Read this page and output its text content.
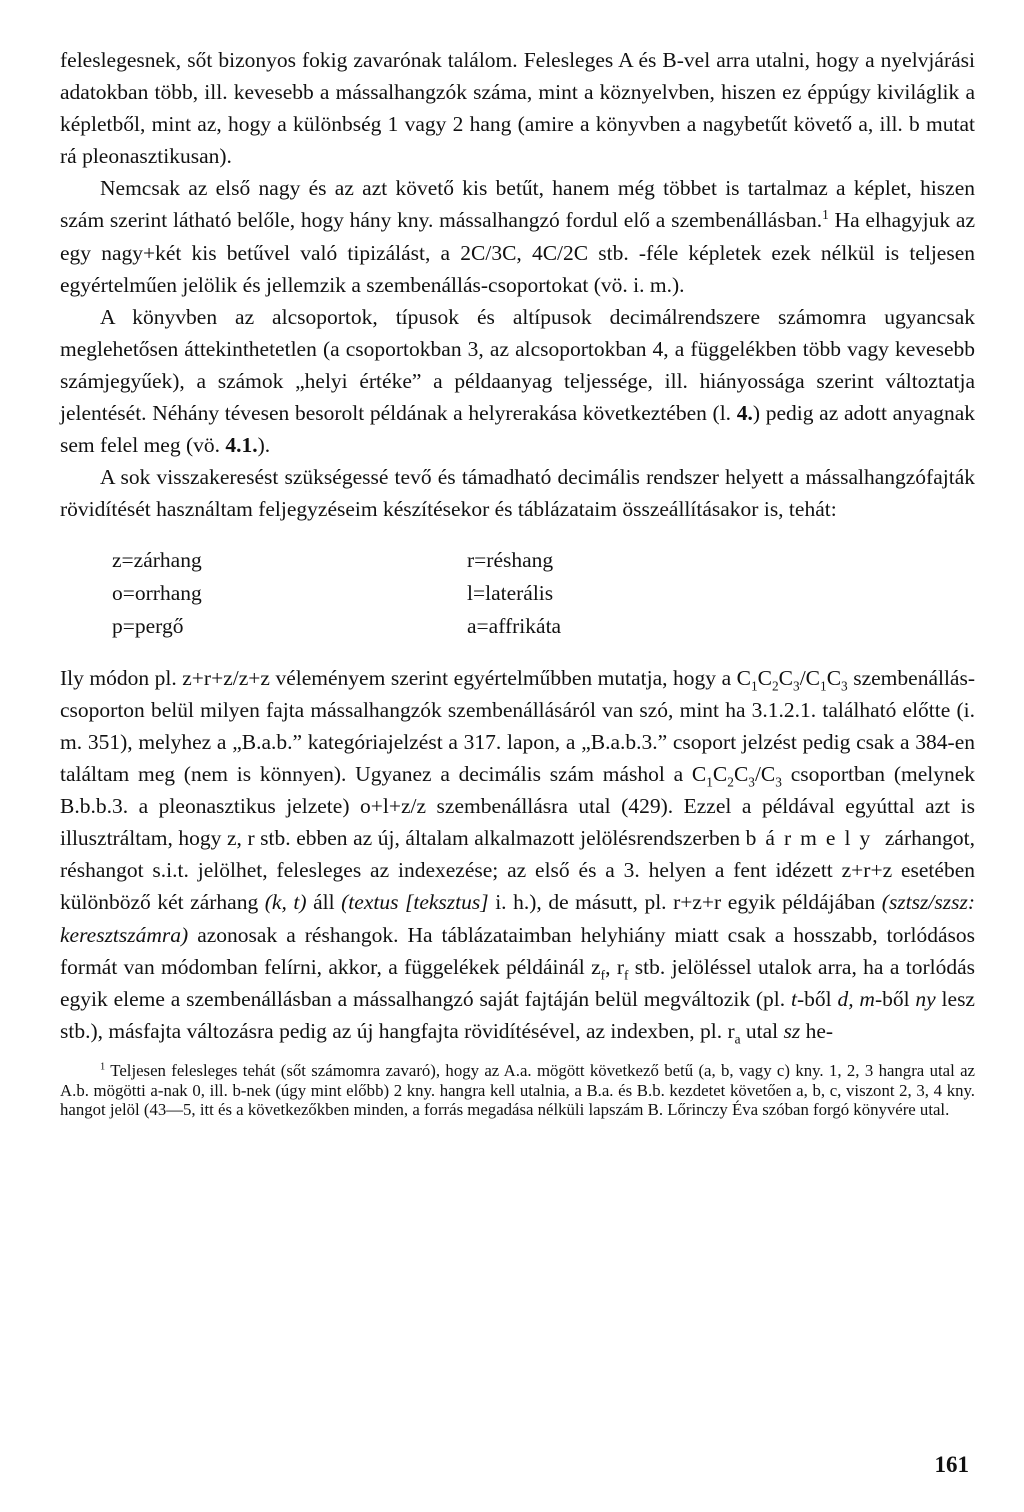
feleslegesnek, sőt bizonyos fokig zavarónak találom. Felesleges A és B-vel arra utalni, hogy a nyelvjárási adatokban több, ill. kevesebb a mássalhangzók száma, mint a köznyelvben, hiszen ez éppúgy kiviláglik a képletből, mint az, hogy a különbség 1 vagy 2 hang (amire a könyvben a nagybetűt követő a, ill. b mutat rá pleonasztikusan).

Nemcsak az első nagy és az azt követő kis betűt, hanem még többet is tartalmaz a képlet, hiszen szám szerint látható belőle, hogy hány kny. mássalhangzó fordul elő a szembenállásban.$^1$ Ha elhagyjuk az egy nagy+két kis betűvel való tipizálást, a 2C/3C, 4C/2C stb. -féle képletek ezek nélkül is teljesen egyértelműen jelölik és jellemzik a szembenállás-csoportokat (vö. i. m.).

A könyvben az alcsoportok, típusok és altípusok decimálrendszere számomra ugyancsak meglehetősen áttekinthetetlen (a csoportokban 3, az alcsoportokban 4, a függelékben több vagy kevesebb számjegyűek), a számok „helyi értéke” a példaanyag teljessége, ill. hiányossága szerint változtatja jelentését. Néhány tévesen besorolt példának a helyrerakása következtében (l. 4.) pedig az adott anyagnak sem felel meg (vö. 4.1.).

A sok visszakeresést szükségessé tevő és támadható decimális rendszer helyett a mássalhangzófajták rövidítését használtam feljegyzéseim készítésekor és táblázataim összeállításakor is, tehát:

z=zárhang	r=réshang
o=orrhang	l=laterális
p=pergő	a=affrikáta

Ily módon pl. z+r+z/z+z véleményem szerint egyértelműbben mutatja, hogy a $C_1C_2C_3/C_1C_3$ szembenállás-csoporton belül milyen fajta mássalhangzók szembenállásáról van szó, mint ha 3.1.2.1. található előtte (i. m. 351), melyhez a „B.a.b.” kategóriajelzést a 317. lapon, a „B.a.b.3.” csoport jelzést pedig csak a 384-en találtam meg (nem is könnyen). Ugyanez a decimális szám máshol a $C_1C_2C_3/C_3$ csoportban (melynek B.b.b.3. a pleonasztikus jelzete) o+l+z/z szembenállásra utal (429). Ezzel a példával egyúttal azt is illusztráltam, hogy z, r stb. ebben az új, általam alkalmazott jelölésrendszerben bármely zárhangot, réshangot s.i.t. jelölhet, felesleges az indexezése; az első és a 3. helyen a fent idézett z+r+z esetében különböző két zárhang (k, t) áll (textus [teksztus] i. h.), de másutt, pl. r+z+r egyik példájában (sztsz/szsz: keresztszámra) azonosak a réshangok. Ha táblázataimban helyhiány miatt csak a hosszabb, torlódásos formát van módomban felírni, akkor, a függelékek példáinál $z_f$, $r_f$ stb. jelöléssel utalok arra, ha a torlódás egyik eleme a szembenállásban a mássalhangzó saját fajtáján belül megváltozik (pl. t-ből d, m-ből ny lesz stb.), másfajta változásra pedig az új hangfajta rövidítésével, az indexben, pl. $r_a$ utal sz he-

$^1$ Teljesen felesleges tehát (sőt számomra zavaró), hogy az A.a. mögött következő betű (a, b, vagy c) kny. 1, 2, 3 hangra utal az A.b. mögötti a-nak 0, ill. b-nek (úgy mint előbb) 2 kny. hangra kell utalnia, a B.a. és B.b. kezdetet követően a, b, c, viszont 2, 3, 4 kny. hangot jelöl (43—5, itt és a következőkben minden, a forrás megadása nélküli lapszám B. Lőrinczy Éva szóban forgó könyvére utal.

161
